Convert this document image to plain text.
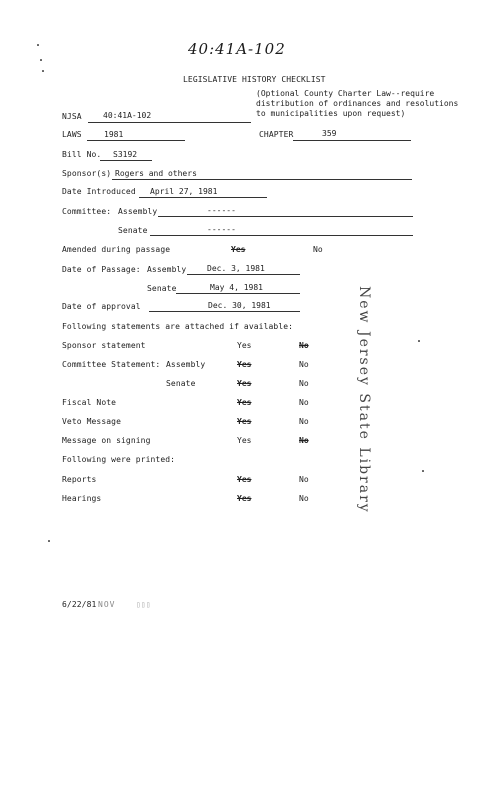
40:41A-102
LEGISLATIVE HISTORY CHECKLIST
(Optional County Charter Law--require
distribution of ordinances and resolutions
to municipalities upon request)
NJSA	40:41A-102
LAWS	1981	CHAPTER	359
Bill No. S3192
Sponsor(s) Rogers and others
Date Introduced April 27, 1981
Committee: Assembly	------
Senate	------
Amended during passage	Yes	No
Date of Passage: Assembly	Dec. 3, 1981
Senate	May 4, 1981
Date of approval	Dec. 30, 1981
Following statements are attached if available:
Sponsor statement	Yes	No
Committee Statement: Assembly	Yes	No
Senate	Yes	No
Fiscal Note	Yes	No
Veto Message	Yes	No
Message on signing	Yes	No
Following were printed:
Reports	Yes	No
Hearings	Yes	No
6/22/81 NOV	▯▯▯
New Jersey State Library
